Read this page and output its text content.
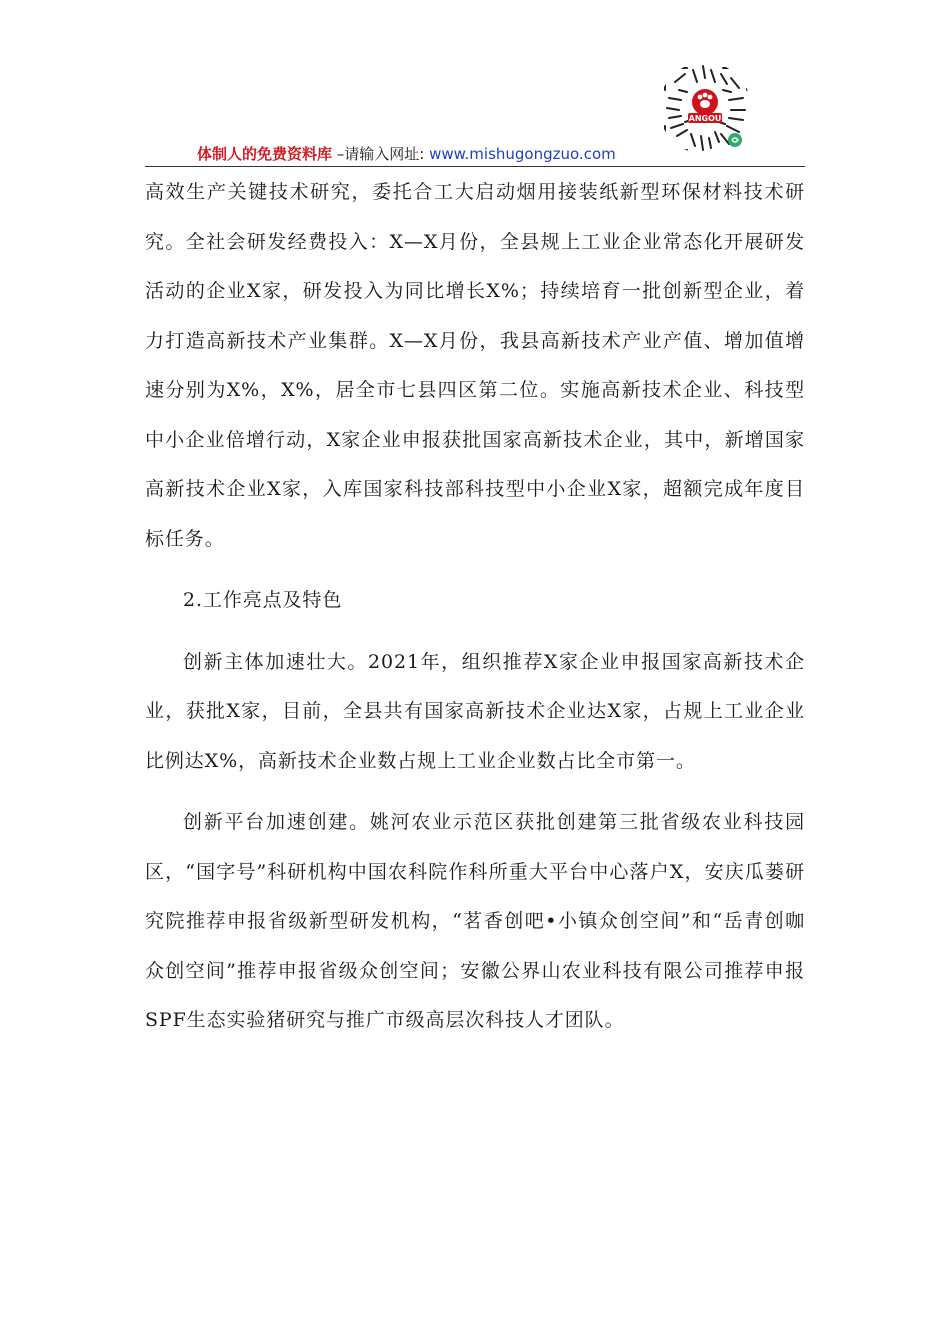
ANGOU
体制人的免费资料库 –请输入网址: www.mishugongzuo.com

高效生产关键技术研究，委托合工大启动烟用接装纸新型环保材料技术研究。全社会研发经费投入：X—X月份，全县规上工业企业常态化开展研发活动的企业X家，研发投入为同比增长X%；持续培育一批创新型企业，着力打造高新技术产业集群。X—X月份，我县高新技术产业产值、增加值增速分别为X%，X%，居全市七县四区第二位。实施高新技术企业、科技型中小企业倍增行动，X家企业申报获批国家高新技术企业，其中，新增国家高新技术企业X家，入库国家科技部科技型中小企业X家，超额完成年度目标任务。

2.工作亮点及特色

创新主体加速壮大。2021年，组织推荐X家企业申报国家高新技术企业，获批X家，目前，全县共有国家高新技术企业达X家，占规上工业企业比例达X%，高新技术企业数占规上工业企业数占比全市第一。

创新平台加速创建。姚河农业示范区获批创建第三批省级农业科技园区，“国字号”科研机构中国农科院作科所重大平台中心落户X，安庆瓜蒌研究院推荐申报省级新型研发机构，“茗香创吧•小镇众创空间”和“岳青创咖众创空间”推荐申报省级众创空间；安徽公界山农业科技有限公司推荐申报SPF生态实验猪研究与推广市级高层次科技人才团队。
